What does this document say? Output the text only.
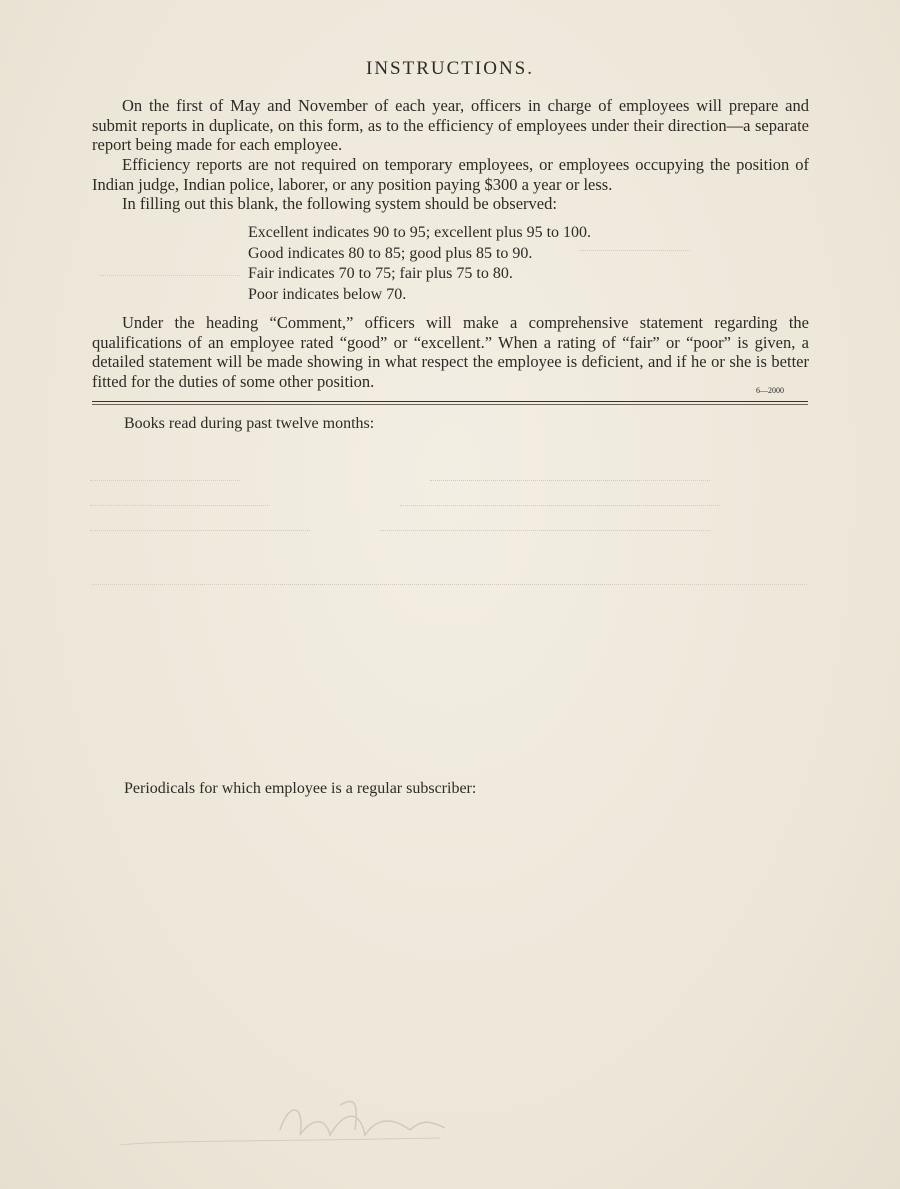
INSTRUCTIONS.
On the first of May and November of each year, officers in charge of employees will prepare and submit reports in duplicate, on this form, as to the efficiency of employees under their direction—a separate report being made for each employee.
Efficiency reports are not required on temporary employees, or employees occupying the position of Indian judge, Indian police, laborer, or any position paying $300 a year or less.
In filling out this blank, the following system should be observed:
Excellent indicates 90 to 95; excellent plus 95 to 100.
Good indicates 80 to 85; good plus 85 to 90.
Fair indicates 70 to 75; fair plus 75 to 80.
Poor indicates below 70.
Under the heading “Comment,” officers will make a comprehensive statement regarding the qualifications of an employee rated “good” or “excellent.” When a rating of “fair” or “poor” is given, a detailed statement will be made showing in what respect the employee is deficient, and if he or she is better fitted for the duties of some other position.	6—2000
Books read during past twelve months:
Periodicals for which employee is a regular subscriber:
